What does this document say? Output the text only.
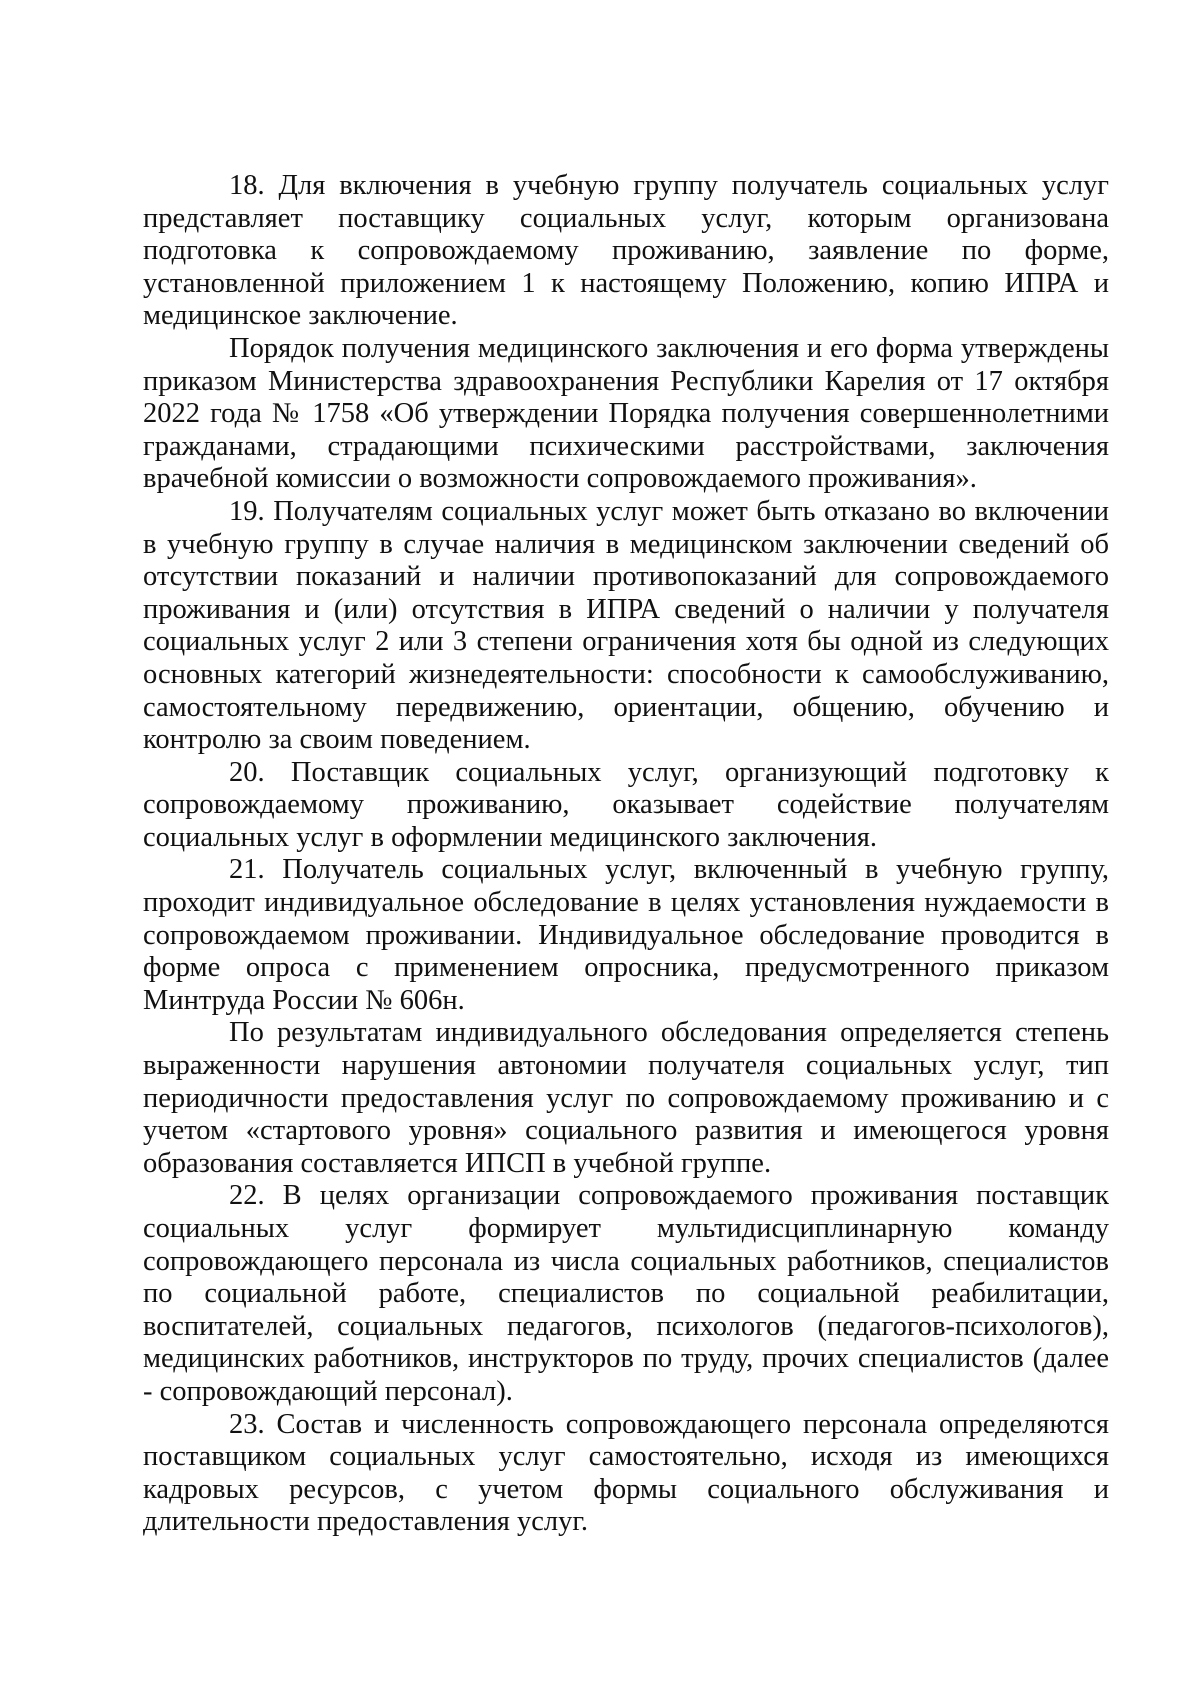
18. Для включения в учебную группу получатель социальных услуг представляет поставщику социальных услуг, которым организована подготовка к сопровождаемому проживанию, заявление по форме, установленной приложением 1 к настоящему Положению, копию ИПРА и медицинское заключение.

Порядок получения медицинского заключения и его форма утверждены приказом Министерства здравоохранения Республики Карелия от 17 октября 2022 года № 1758 «Об утверждении Порядка получения совершеннолетними гражданами, страдающими психическими расстройствами, заключения врачебной комиссии о возможности сопровождаемого проживания».

19. Получателям социальных услуг может быть отказано во включении в учебную группу в случае наличия в медицинском заключении сведений об отсутствии показаний и наличии противопоказаний для сопровождаемого проживания и (или) отсутствия в ИПРА сведений о наличии у получателя социальных услуг 2 или 3 степени ограничения хотя бы одной из следующих основных категорий жизнедеятельности: способности к самообслуживанию, самостоятельному передвижению, ориентации, общению, обучению и контролю за своим поведением.

20. Поставщик социальных услуг, организующий подготовку к сопровождаемому проживанию, оказывает содействие получателям социальных услуг в оформлении медицинского заключения.

21. Получатель социальных услуг, включенный в учебную группу, проходит индивидуальное обследование в целях установления нуждаемости в сопровождаемом проживании. Индивидуальное обследование проводится в форме опроса с применением опросника, предусмотренного приказом Минтруда России № 606н.

По результатам индивидуального обследования определяется степень выраженности нарушения автономии получателя социальных услуг, тип периодичности предоставления услуг по сопровождаемому проживанию и с учетом «стартового уровня» социального развития и имеющегося уровня образования составляется ИПСП в учебной группе.

22. В целях организации сопровождаемого проживания поставщик социальных услуг формирует мультидисциплинарную команду сопровождающего персонала из числа социальных работников, специалистов по социальной работе, специалистов по социальной реабилитации, воспитателей, социальных педагогов, психологов (педагогов-психологов), медицинских работников, инструкторов по труду, прочих специалистов (далее - сопровождающий персонал).

23. Состав и численность сопровождающего персонала определяются поставщиком социальных услуг самостоятельно, исходя из имеющихся кадровых ресурсов, с учетом формы социального обслуживания и длительности предоставления услуг.
